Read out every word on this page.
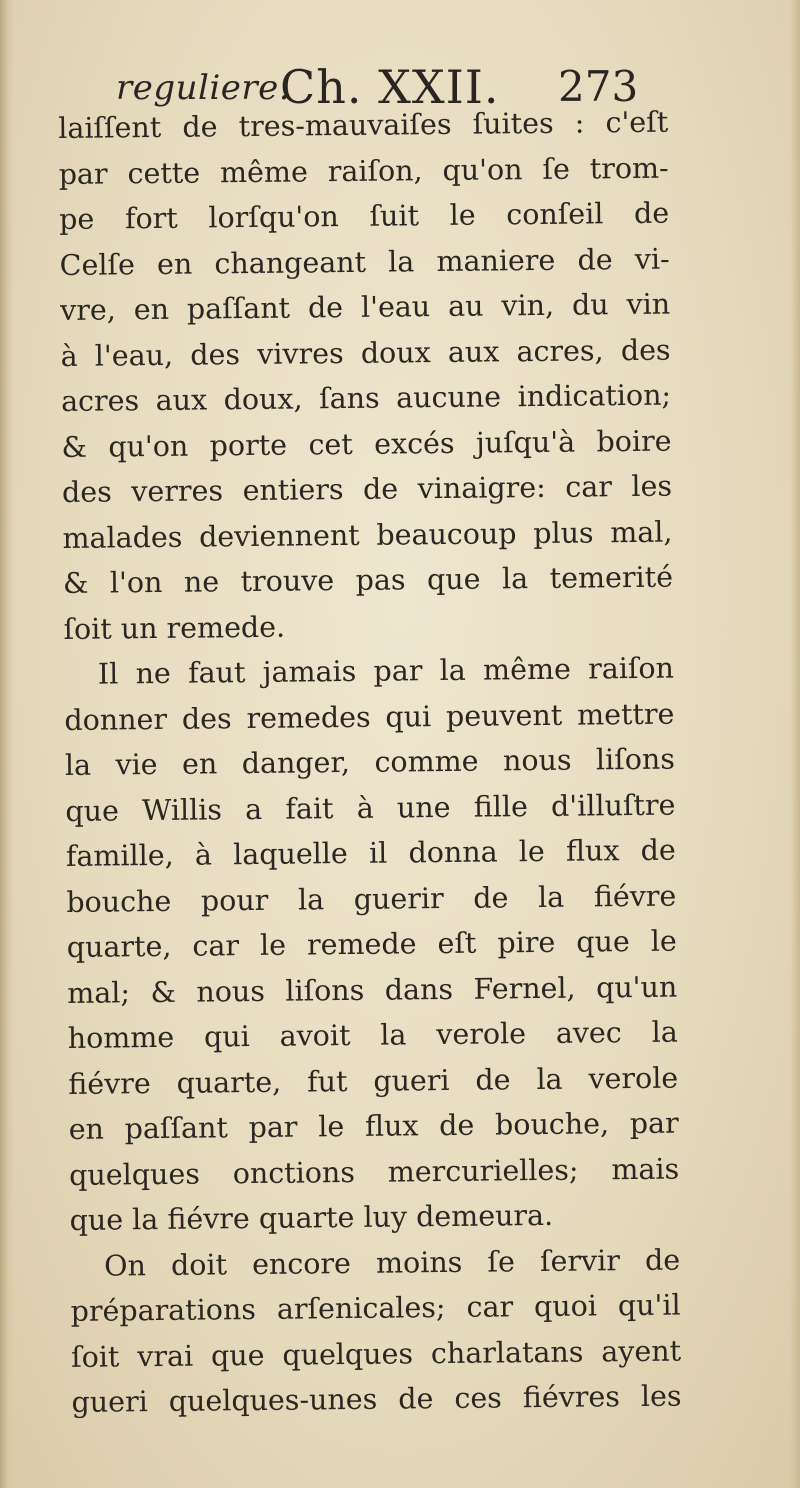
reguliere.
Ch. XXII. 273
laiſſent de tres-mauvaiſes ſuites : c'eſt
par cette même raiſon, qu'on ſe trom-
pe fort lorſqu'on ſuit le conſeil de
Celſe en changeant la maniere de vi-
vre, en paſſant de l'eau au vin, du vin
à l'eau, des vivres doux aux acres, des
acres aux doux, ſans aucune indication;
& qu'on porte cet excés juſqu'à boire
des verres entiers de vinaigre: car les
malades deviennent beaucoup plus mal,
& l'on ne trouve pas que la temerité
ſoit un remede.
Il ne faut jamais par la même raiſon
donner des remedes qui peuvent mettre
la vie en danger, comme nous liſons
que Willis a fait à une fille d'illuſtre
famille, à laquelle il donna le flux de
bouche pour la guerir de la fiévre
quarte, car le remede eſt pire que le
mal; & nous liſons dans Fernel, qu'un
homme qui avoit la verole avec la
fiévre quarte, fut gueri de la verole
en paſſant par le flux de bouche, par
quelques onctions mercurielles; mais
que la fiévre quarte luy demeura.
On doit encore moins ſe ſervir de
préparations arſenicales; car quoi qu'il
ſoit vrai que quelques charlatans ayent
gueri quelques-unes de ces fiévres les
